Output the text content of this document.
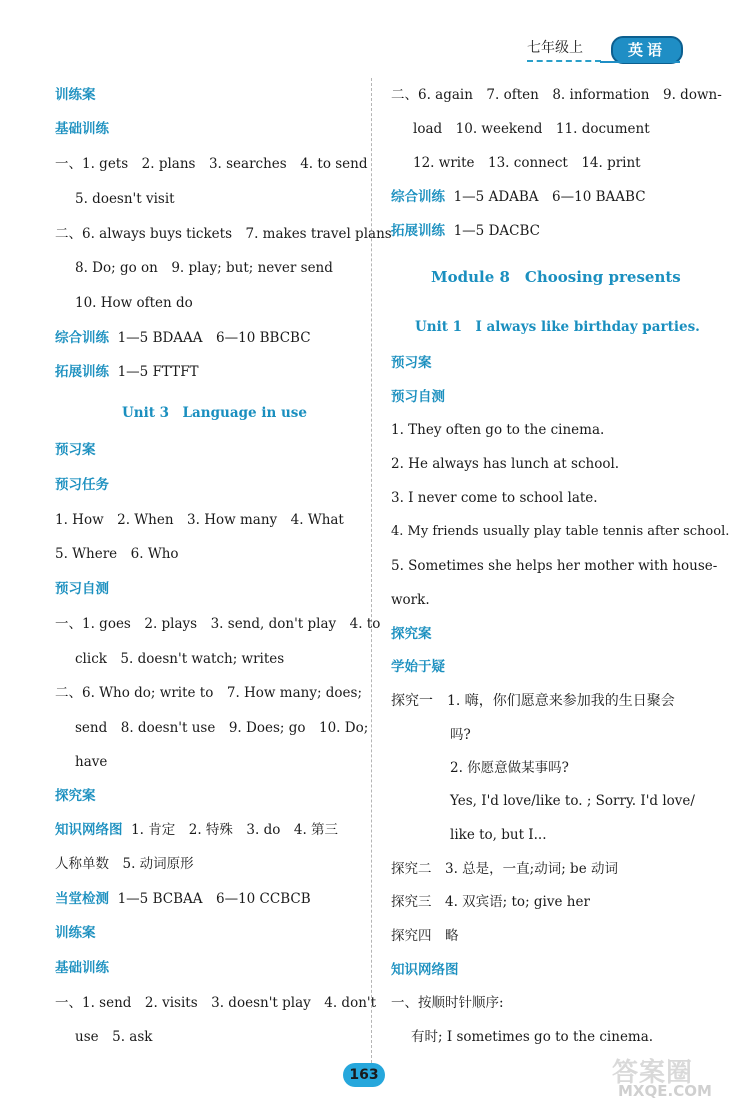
七年级上	英语
训练案
基础训练
一、1. gets　2. plans　3. searches　4. to send
5. doesn't visit
二、6. always buys tickets　7. makes travel plans
8. Do; go on　9. play; but; never send
10. How often do
综合训练 1—5 BDAAA　6—10 BBCBC
拓展训练 1—5 FTTFT
Unit 3　Language in use
预习案
预习任务
1. How　2. When　3. How many　4. What
5. Where　6. Who
预习自测
一、1. goes　2. plays　3. send, don't play　4. to
click　5. doesn't watch; writes
二、6. Who do; write to　7. How many; does;
send　8. doesn't use　9. Does; go　10. Do;
have
探究案
知识网络图 1. 肯定　2. 特殊　3. do　4. 第三
人称单数　5. 动词原形
当堂检测 1—5 BCBAA　6—10 CCBCB
训练案
基础训练
一、1. send　2. visits　3. doesn't play　4. don't
use　5. ask
二、6. again　7. often　8. information　9. down-
load　10. weekend　11. document
12. write　13. connect　14. print
综合训练 1—5 ADABA　6—10 BAABC
拓展训练 1—5 DACBC
Module 8　Choosing presents
Unit 1　I always like birthday parties.
预习案
预习自测
1. They often go to the cinema.
2. He always has lunch at school.
3. I never come to school late.
4. My friends usually play table tennis after school.
5. Sometimes she helps her mother with house-
work.
探究案
学始于疑
探究一　1. 嗨，你们愿意来参加我的生日聚会
吗?
2. 你愿意做某事吗?
Yes, I'd love/like to. ; Sorry. I'd love/
like to, but I...
探究二　3. 总是，一直;动词; be 动词
探究三　4. 双宾语; to; give her
探究四　略
知识网络图
一、按顺时针顺序:
有时; I sometimes go to the cinema.
163	答案圈
MXQE.COM
